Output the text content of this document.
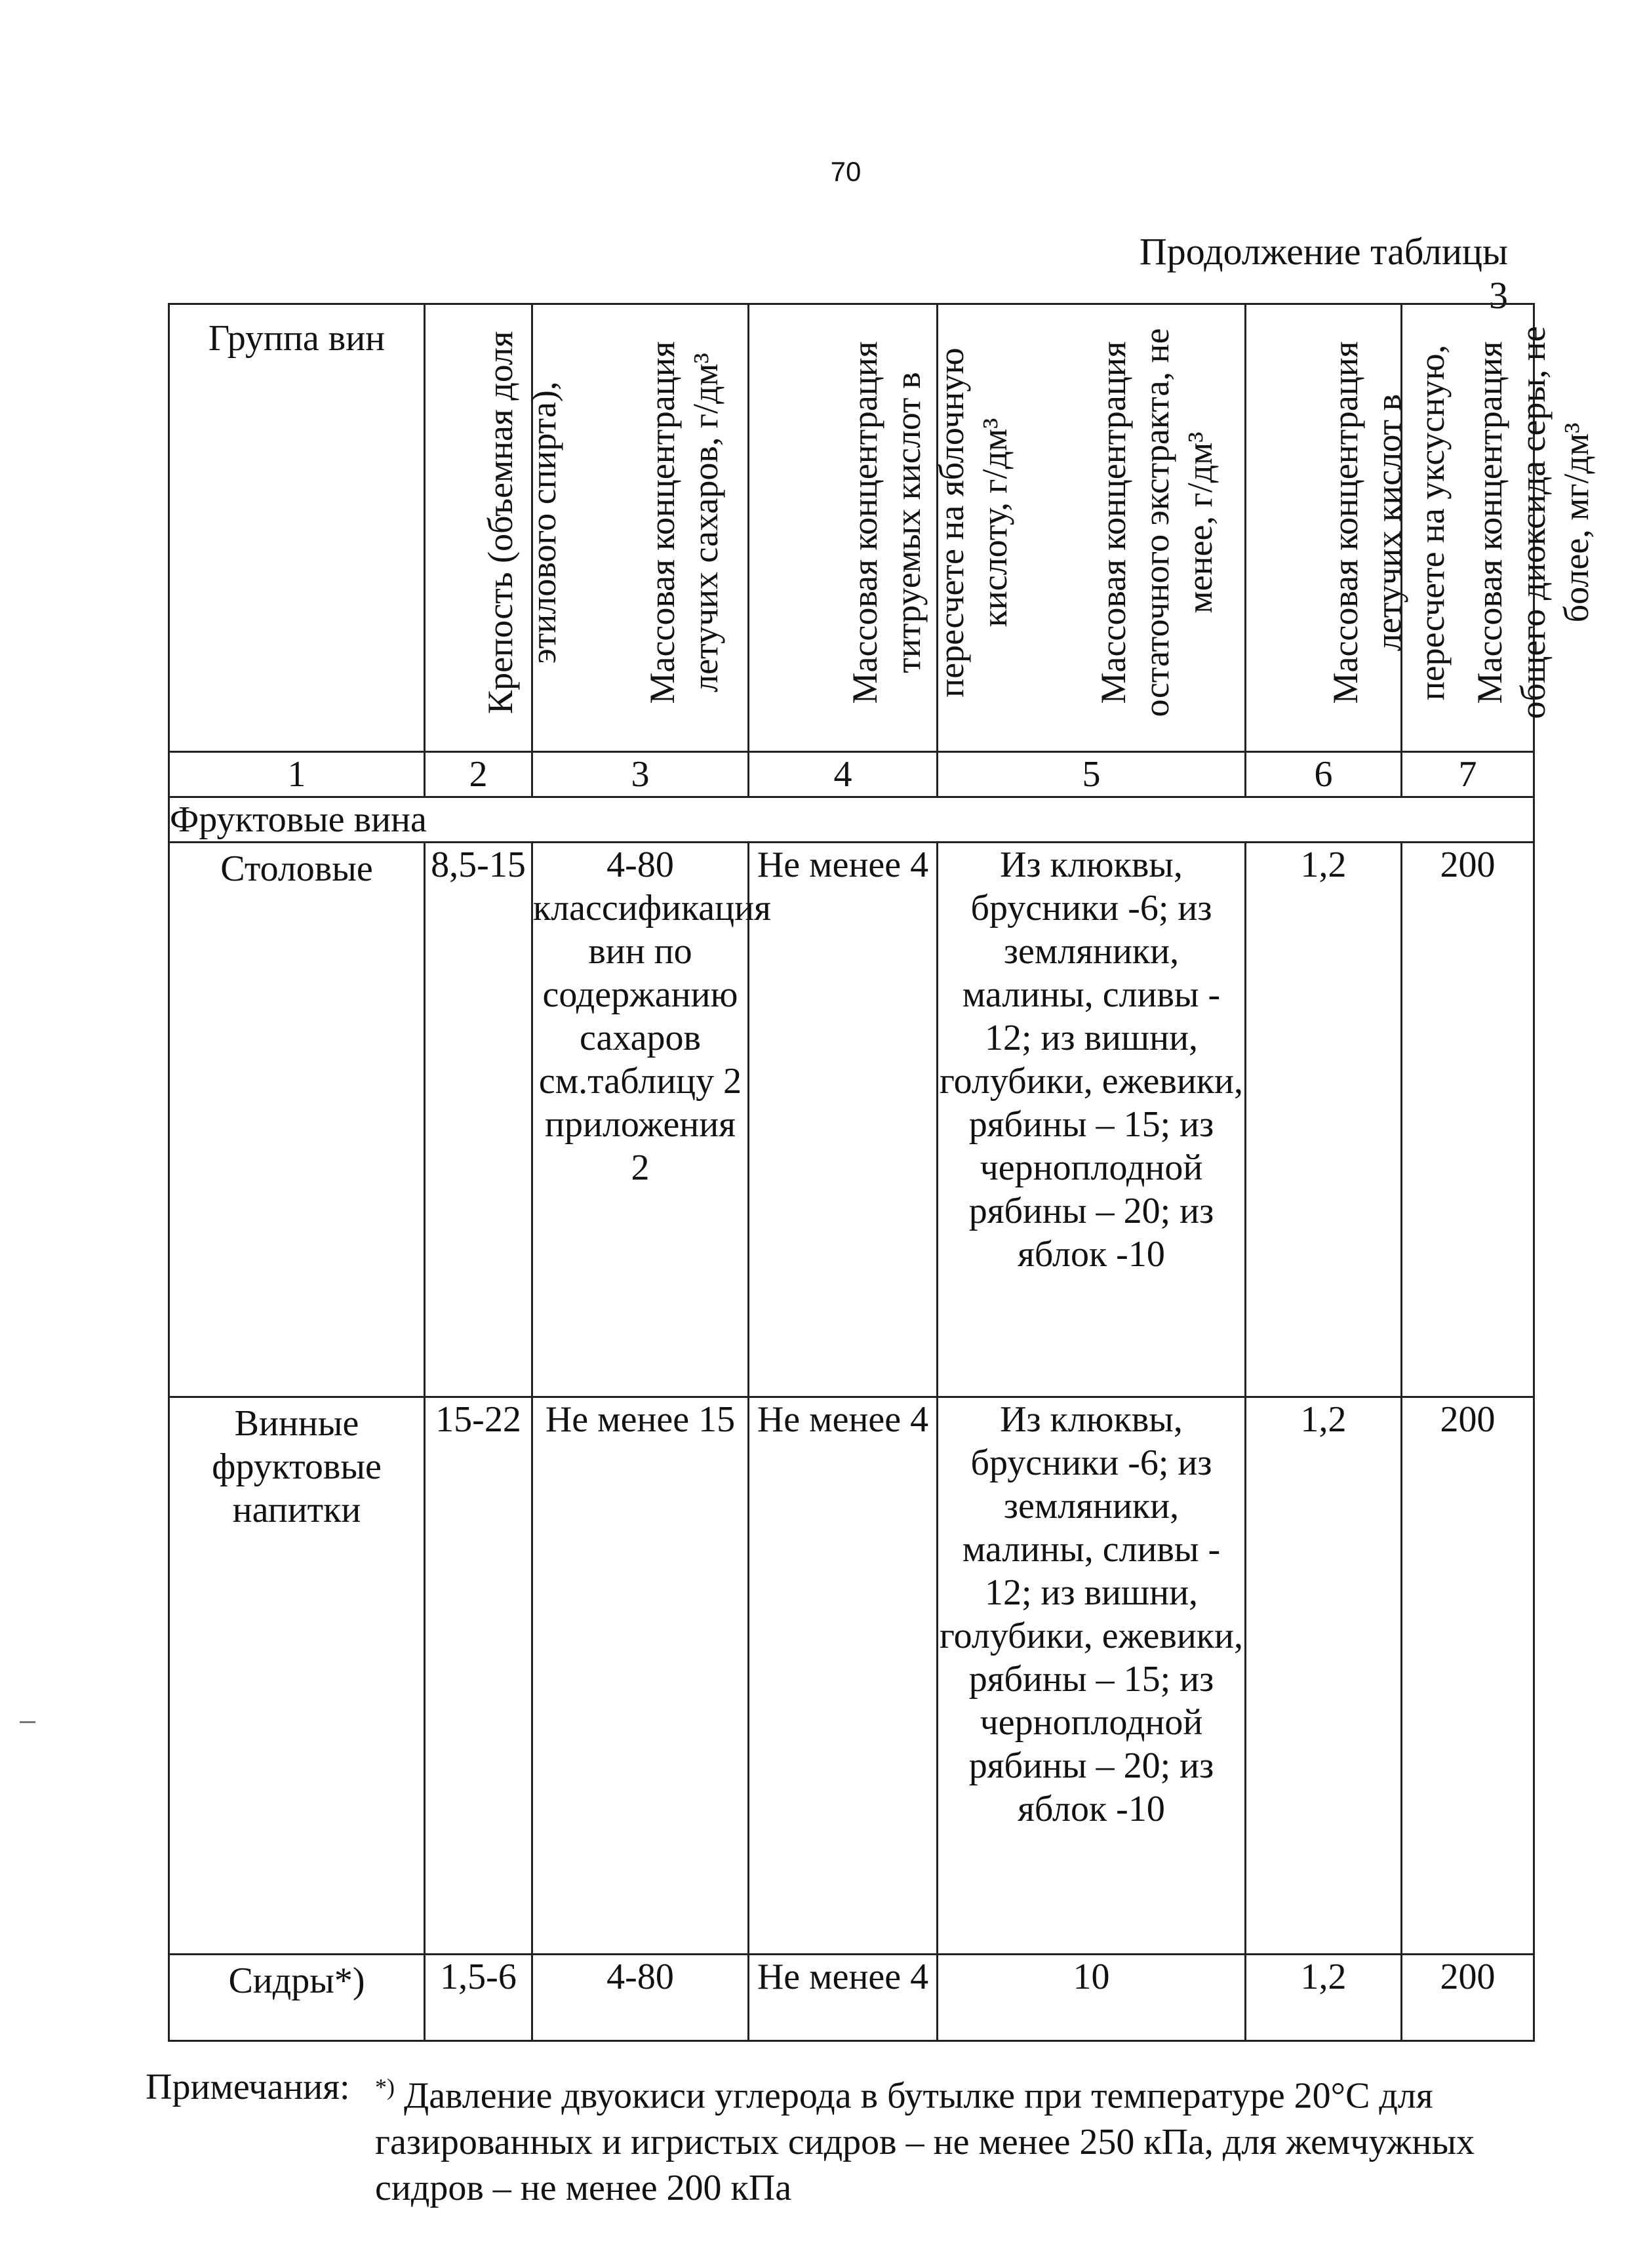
70
Продолжение таблицы 3
Группа вин	Крепость (объемная доля этилового спирта),	Массовая концентрация летучих сахаров, г/дм³	Массовая концентрация титруемых кислот в пересчете на яблочную кислоту, г/дм³	Массовая концентрация остаточного экстракта, не менее, г/дм³	Массовая концентрация летучих кислот в пересчете на уксусную,	Массовая концентрация общего диоксида серы, не более, мг/дм³

1	2	3	4	5	6	7
Фруктовые вина						
Столовые	8,5-15	4-80 классификация вин по содержанию сахаров см.таблицу 2 приложения 2	Не менее 4	Из клюквы, брусники -6; из земляники, малины, сливы - 12; из вишни, голубики, ежевики, рябины – 15; из черноплодной рябины – 20; из яблок -10	1,2	200
Винные фруктовые напитки	15-22	Не менее 15	Не менее 4	Из клюквы, брусники -6; из земляники, малины, сливы - 12; из вишни, голубики, ежевики, рябины – 15; из черноплодной рябины – 20; из яблок -10	1,2	200
Сидры*)	1,5-6	4-80	Не менее 4	10	1,2	200
Примечания: *) Давление двуокиси углерода в бутылке при температуре 20°С для газированных и игристых сидров – не менее 250 кПа, для жемчужных сидров – не менее 200 кПа
